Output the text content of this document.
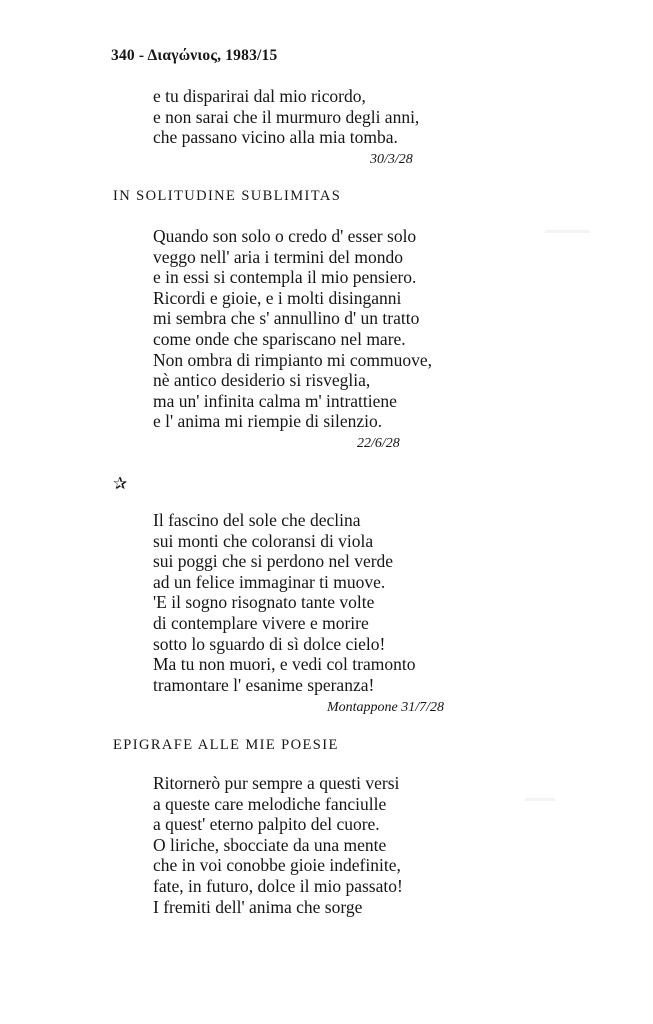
340 - Διαγώνιος, 1983/15
e tu disparirai dal mio ricordo,
e non sarai che il murmuro degli anni,
che passano vicino alla mia tomba.
30/3/28
IN SOLITUDINE SUBLIMITAS
Quando son solo o credo d' esser solo
veggo nell' aria i termini del mondo
e in essi si contempla il mio pensiero.
Ricordi e gioie, e i molti disinganni
mi sembra che s' annullino d' un tratto
come onde che spariscano nel mare.
Non ombra di rimpianto mi commuove,
nè antico desiderio si risveglia,
ma un' infinita calma m' intrattiene
e l' anima mi riempie di silenzio.
22/6/28
✰
Il fascino del sole che declina
sui monti che coloransi di viola
sui poggi che si perdono nel verde
ad un felice immaginar ti muove.
'E il sogno risognato tante volte
di contemplare vivere e morire
sotto lo sguardo di sì dolce cielo!
Ma tu non muori, e vedi col tramonto
tramontare l' esanime speranza!
Montappone 31/7/28
EPIGRAFE ALLE MIE POESIE
Ritornerò pur sempre a questi versi
a queste care melodiche fanciulle
a quest' eterno palpito del cuore.
O liriche, sbocciate da una mente
che in voi conobbe gioie indefinite,
fate, in futuro, dolce il mio passato!
I fremiti dell' anima che sorge
